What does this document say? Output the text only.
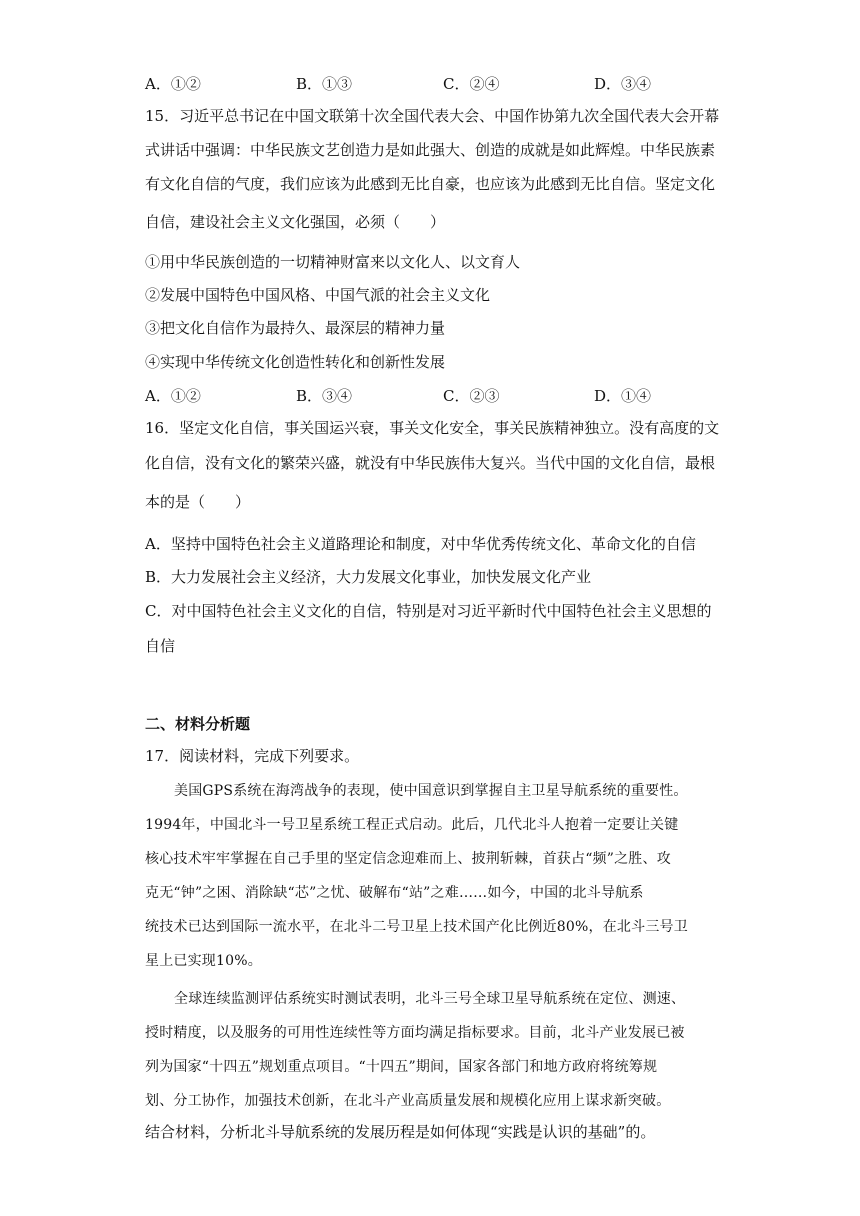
A．①②	B．①③	C．②④	D．③④
15．习近平总书记在中国文联第十次全国代表大会、中国作协第九次全国代表大会开幕
式讲话中强调：中华民族文艺创造力是如此强大、创造的成就是如此辉煌。中华民族素
有文化自信的气度，我们应该为此感到无比自豪，也应该为此感到无比自信。坚定文化
自信，建设社会主义文化强国，必须（　　）
①用中华民族创造的一切精神财富来以文化人、以文育人
②发展中国特色中国风格、中国气派的社会主义文化
③把文化自信作为最持久、最深层的精神力量
④实现中华传统文化创造性转化和创新性发展
A．①②	B．③④	C．②③	D．①④
16．坚定文化自信，事关国运兴衰，事关文化安全，事关民族精神独立。没有高度的文
化自信，没有文化的繁荣兴盛，就没有中华民族伟大复兴。当代中国的文化自信，最根
本的是（　　）
A．坚持中国特色社会主义道路理论和制度，对中华优秀传统文化、革命文化的自信
B．大力发展社会主义经济，大力发展文化事业，加快发展文化产业
C．对中国特色社会主义文化的自信，特别是对习近平新时代中国特色社会主义思想的
自信
二、材料分析题
17．阅读材料，完成下列要求。
美国GPS系统在海湾战争的表现，使中国意识到掌握自主卫星导航系统的重要性。
1994年，中国北斗一号卫星系统工程正式启动。此后，几代北斗人抱着一定要让关键
核心技术牢牢掌握在自己手里的坚定信念迎难而上、披荆斩棘，首获占“频”之胜、攻
克无“钟”之困、消除缺“芯”之忧、破解布“站”之难……如今，中国的北斗导航系
统技术已达到国际一流水平，在北斗二号卫星上技术国产化比例近80%，在北斗三号卫
星上已实现10%。
全球连续监测评估系统实时测试表明，北斗三号全球卫星导航系统在定位、测速、
授时精度，以及服务的可用性连续性等方面均满足指标要求。目前，北斗产业发展已被
列为国家“十四五”规划重点项目。“十四五”期间，国家各部门和地方政府将统筹规
划、分工协作，加强技术创新，在北斗产业高质量发展和规模化应用上谋求新突破。
结合材料，分析北斗导航系统的发展历程是如何体现“实践是认识的基础”的。
